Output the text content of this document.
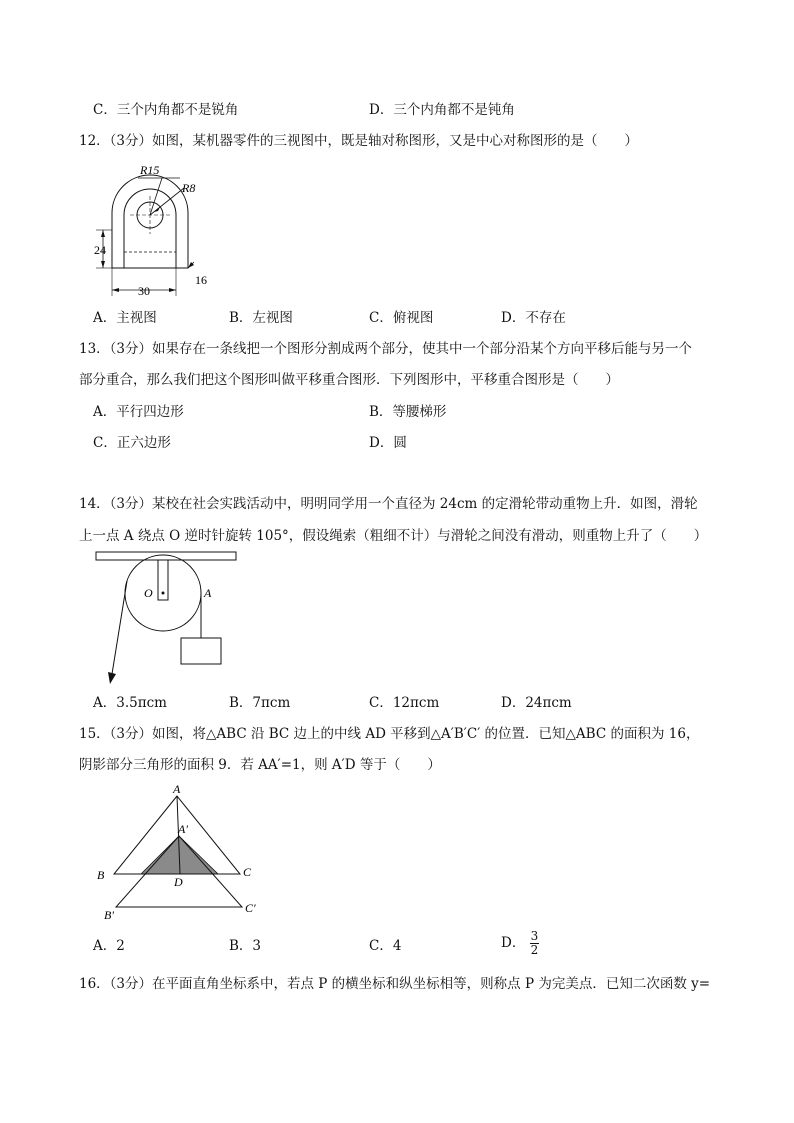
C．三个内角都不是锐角	D．三个内角都不是钝角
12．（3分）如图，某机器零件的三视图中，既是轴对称图形，又是中心对称图形的是（　　）
R15
R8
24
30
16
A．主视图	B．左视图	C．俯视图	D．不存在
13．（3分）如果存在一条线把一个图形分割成两个部分，使其中一个部分沿某个方向平移后能与另一个
部分重合，那么我们把这个图形叫做平移重合图形．下列图形中，平移重合图形是（　　）
A．平行四边形	B．等腰梯形
C．正六边形	D．圆
14．（3分）某校在社会实践活动中，明明同学用一个直径为 24cm 的定滑轮带动重物上升．如图，滑轮
上一点 A 绕点 O 逆时针旋转 105°，假设绳索（粗细不计）与滑轮之间没有滑动，则重物上升了（　　）
O	A
A．3.5πcm	B．7πcm	C．12πcm	D．24πcm
15．（3分）如图，将△ABC 沿 BC 边上的中线 AD 平移到△A′B′C′ 的位置．已知△ABC 的面积为 16，
阴影部分三角形的面积 9．若 AA′=1，则 A′D 等于（　　）
A
A′
B	C
D
B′	C′
A．2	B．3	C．4	D． $\frac{3}{2}$
16．（3分）在平面直角坐标系中，若点 P 的横坐标和纵坐标相等，则称点 P 为完美点．已知二次函数 y=
